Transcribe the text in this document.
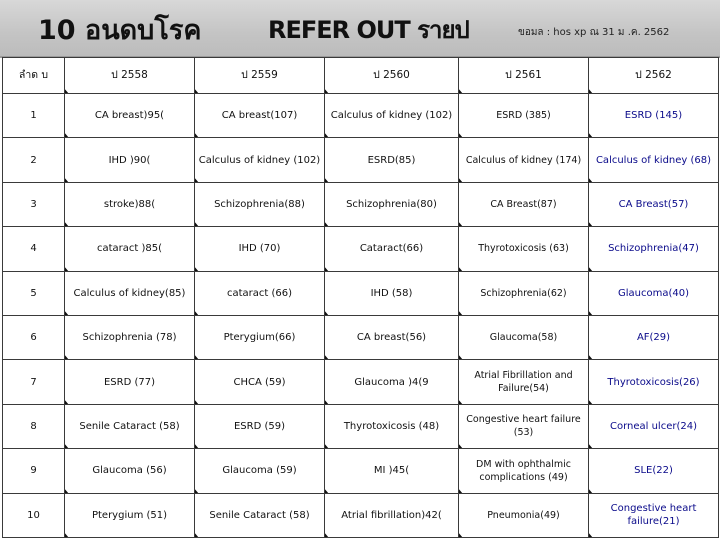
10 อนดบโรค	REFER OUT รายป	ขอมล : hos xp ณ 31 ม .ค. 2562
ลำด บ	ป 2558	ป 2559	ป 2560	ป 2561	ป 2562

1	CA breast)95(	CA breast(107)	Calculus of kidney (102)	ESRD (385)	ESRD (145)

2	IHD )90(	Calculus of kidney (102)	ESRD(85)	Calculus of kidney (174)	Calculus of kidney (68)

3	stroke)88(	Schizophrenia(88)	Schizophrenia(80)	CA Breast(87)	CA Breast(57)

4	cataract )85(	IHD (70)	Cataract(66)	Thyrotoxicosis (63)	Schizophrenia(47)

5	Calculus of kidney(85)	cataract (66)	IHD (58)	Schizophrenia(62)	Glaucoma(40)

6	Schizophrenia (78)	Pterygium(66)	CA breast(56)	Glaucoma(58)	AF(29)

7	ESRD (77)	CHCA (59)	Glaucoma )4(9	Atrial Fibrillation and Failure(54)	Thyrotoxicosis(26)

8	Senile Cataract (58)	ESRD (59)	Thyrotoxicosis (48)	Congestive heart failure (53)	Corneal ulcer(24)

9	Glaucoma (56)	Glaucoma (59)	MI )45(	DM with ophthalmic complications (49)	SLE(22)

10	Pterygium (51)	Senile Cataract (58)	Atrial fibrillation)42(	Pneumonia(49)	Congestive heart failure(21)
